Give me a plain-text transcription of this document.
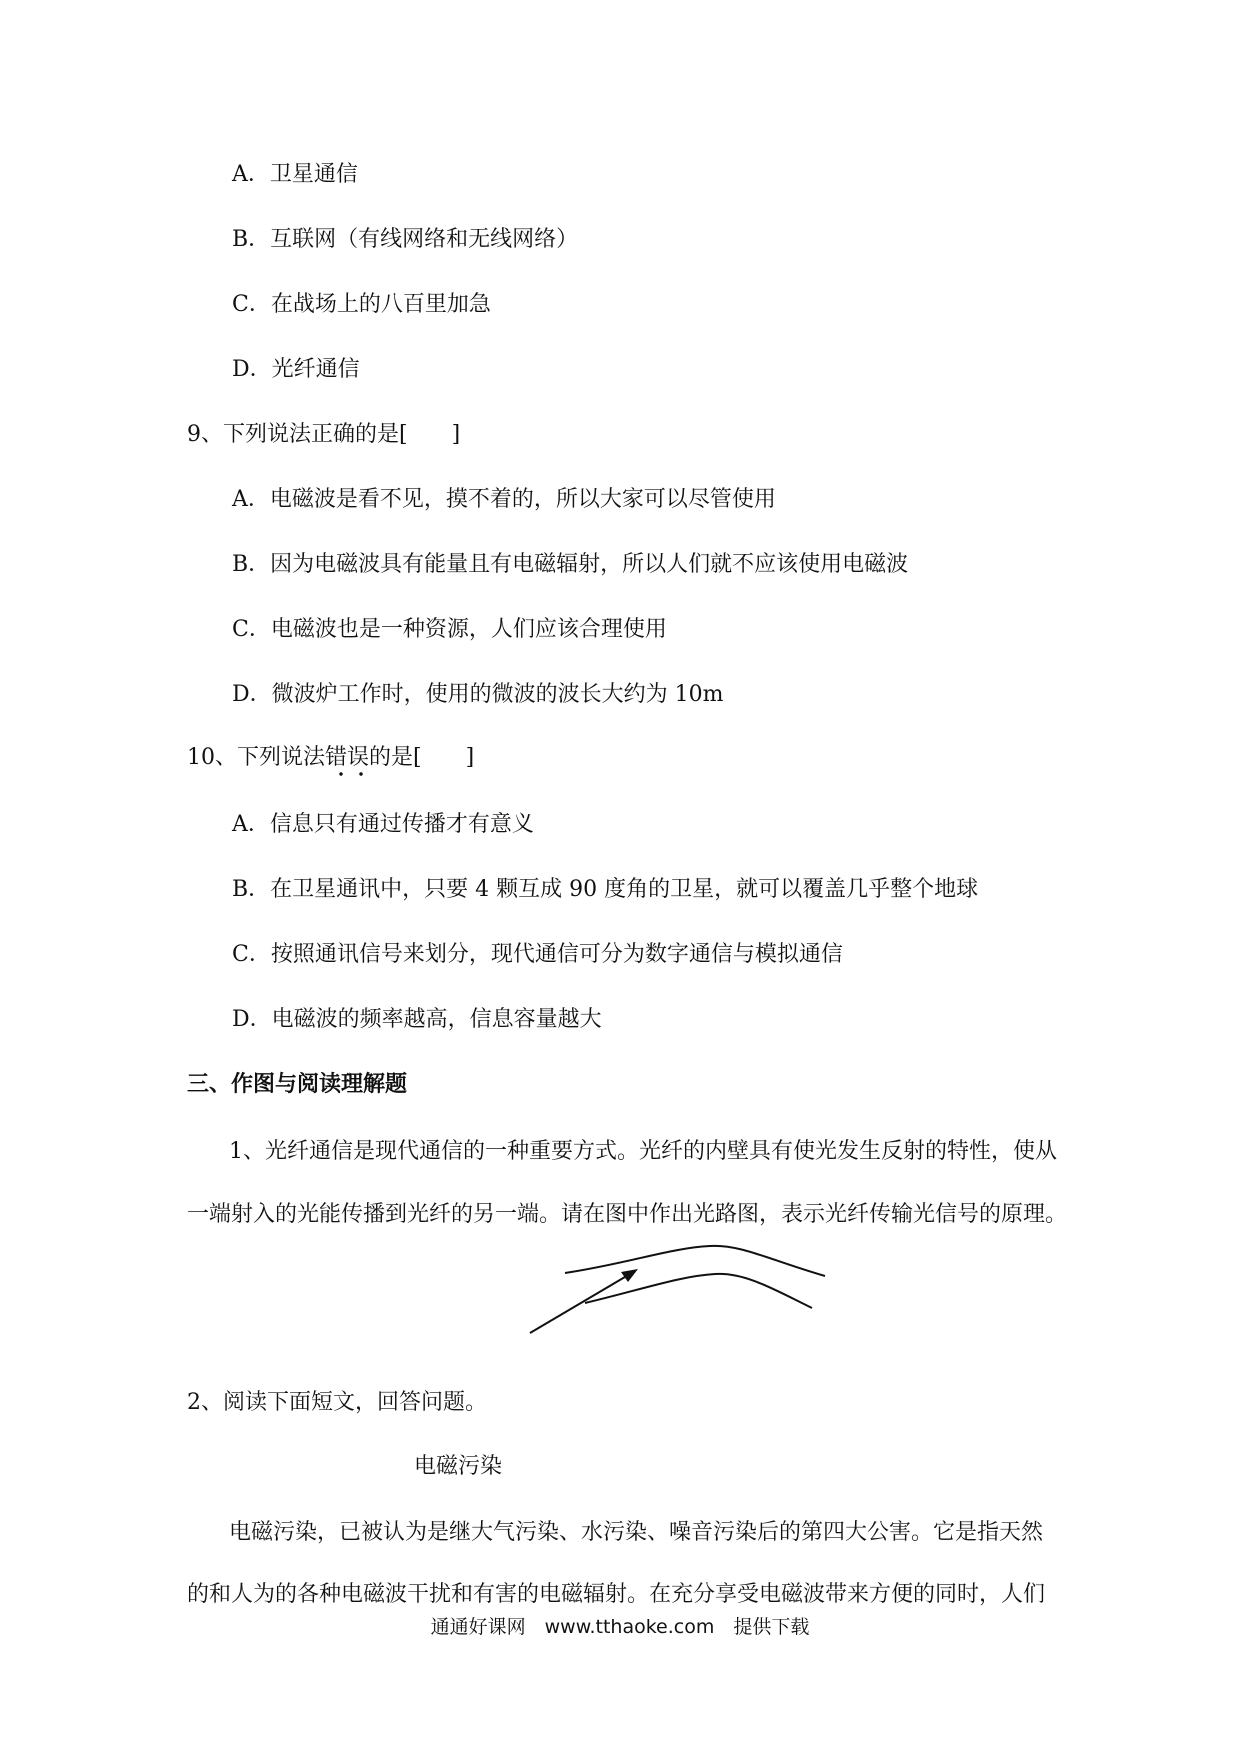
A．卫星通信
B．互联网（有线网络和无线网络）
C．在战场上的八百里加急
D．光纤通信
9、下列说法正确的是[　　]
A．电磁波是看不见，摸不着的，所以大家可以尽管使用
B．因为电磁波具有能量且有电磁辐射，所以人们就不应该使用电磁波
C．电磁波也是一种资源，人们应该合理使用
D．微波炉工作时，使用的微波的波长大约为 10m
10、下列说法错误的是[　　]
A．信息只有通过传播才有意义
B．在卫星通讯中，只要 4 颗互成 90 度角的卫星，就可以覆盖几乎整个地球
C．按照通讯信号来划分，现代通信可分为数字通信与模拟通信
D．电磁波的频率越高，信息容量越大
三、作图与阅读理解题
1、光纤通信是现代通信的一种重要方式。光纤的内壁具有使光发生反射的特性，使从
一端射入的光能传播到光纤的另一端。请在图中作出光路图，表示光纤传输光信号的原理。
2、阅读下面短文，回答问题。
电磁污染
电磁污染，已被认为是继大气污染、水污染、噪音污染后的第四大公害。它是指天然
的和人为的各种电磁波干扰和有害的电磁辐射。在充分享受电磁波带来方便的同时，人们
通通好课网　www.tthaoke.com　提供下载
